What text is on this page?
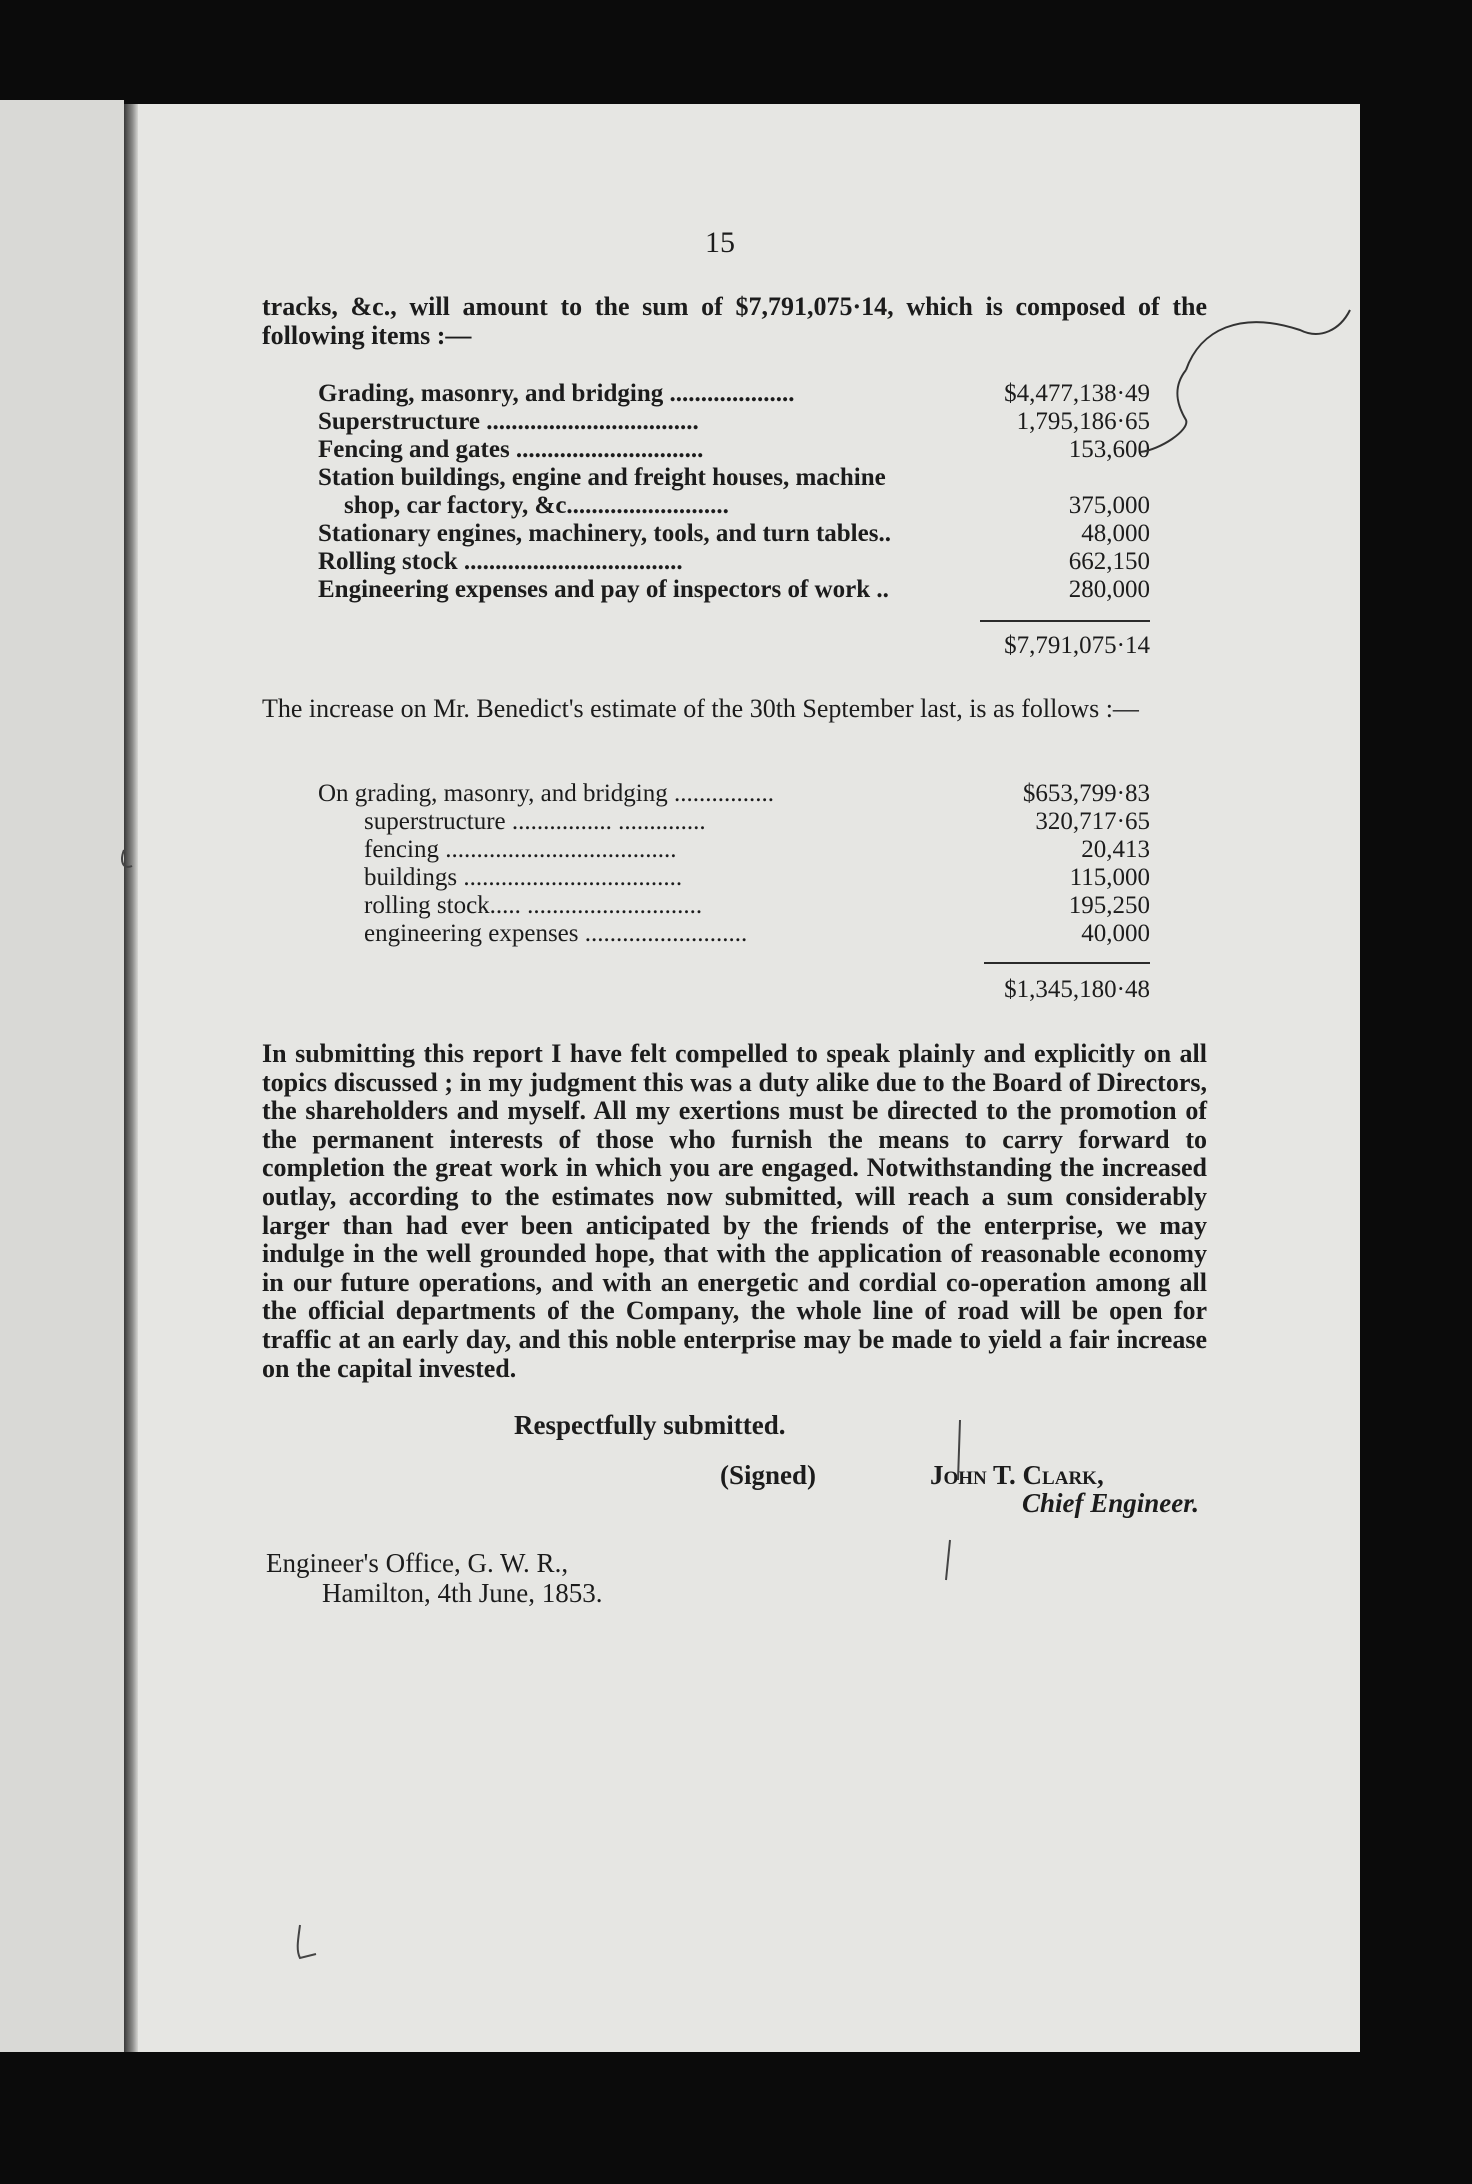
15
tracks, &c., will amount to the sum of $7,791,075·14, which is composed of the following items :—
Grading, masonry, and bridging ....................	$4,477,138·49
Superstructure ..................................	1,795,186·65
Fencing and gates ..............................	153,600
Station buildings, engine and freight houses, machine
shop, car factory, &c..........................	375,000
Stationary engines, machinery, tools, and turn tables..	48,000
Rolling stock ...................................	662,150
Engineering expenses and pay of inspectors of work ..	280,000
$7,791,075·14
The increase on Mr. Benedict's estimate of the 30th September last, is as follows :—
On grading, masonry, and bridging ................	$653,799·83
superstructure ................ ..............	320,717·65
fencing .....................................	20,413
buildings ...................................	115,000
rolling stock..... ............................	195,250
engineering expenses ..........................	40,000
$1,345,180·48
In submitting this report I have felt compelled to speak plainly and explicitly on all topics discussed ; in my judgment this was a duty alike due to the Board of Directors, the shareholders and myself. All my exertions must be directed to the promotion of the permanent interests of those who furnish the means to carry forward to completion the great work in which you are engaged. Notwithstanding the increased outlay, according to the estimates now submitted, will reach a sum considerably larger than had ever been anticipated by the friends of the enterprise, we may indulge in the well grounded hope, that with the application of reasonable economy in our future operations, and with an energetic and cordial co-operation among all the official departments of the Company, the whole line of road will be open for traffic at an early day, and this noble enterprise may be made to yield a fair increase on the capital invested.
Respectfully submitted.
(Signed)	John T. Clark,
Chief Engineer.
Engineer's Office, G. W. R.,
Hamilton, 4th June, 1853.
